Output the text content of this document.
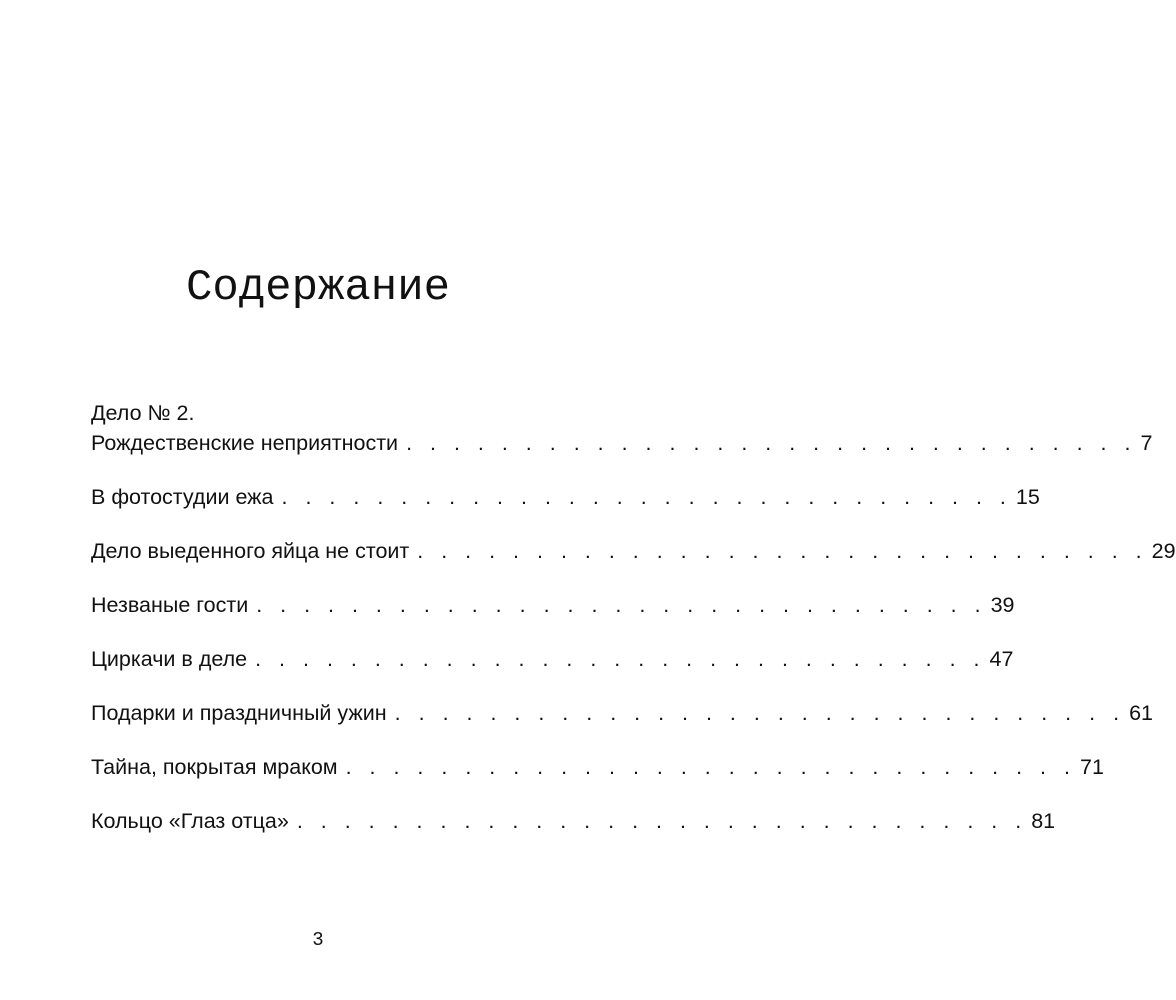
Содержание
Дело № 2.
Рождественские неприятности . . . . . . . . . . . . . . . . . . . . . . . . . . . . . . . 7
В фотостудии ежа . . . . . . . . . . . . . . . . . . . . . . . . . . . . . . . 15
Дело выеденного яйца не стоит . . . . . . . . . . . . . . . . . . . . . . . . . . . . . . . 29
Незваные гости . . . . . . . . . . . . . . . . . . . . . . . . . . . . . . . 39
Циркачи в деле . . . . . . . . . . . . . . . . . . . . . . . . . . . . . . . 47
Подарки и праздничный ужин . . . . . . . . . . . . . . . . . . . . . . . . . . . . . . . 61
Тайна, покрытая мраком . . . . . . . . . . . . . . . . . . . . . . . . . . . . . . . 71
Кольцо «Глаз отца» . . . . . . . . . . . . . . . . . . . . . . . . . . . . . . . 81
3
